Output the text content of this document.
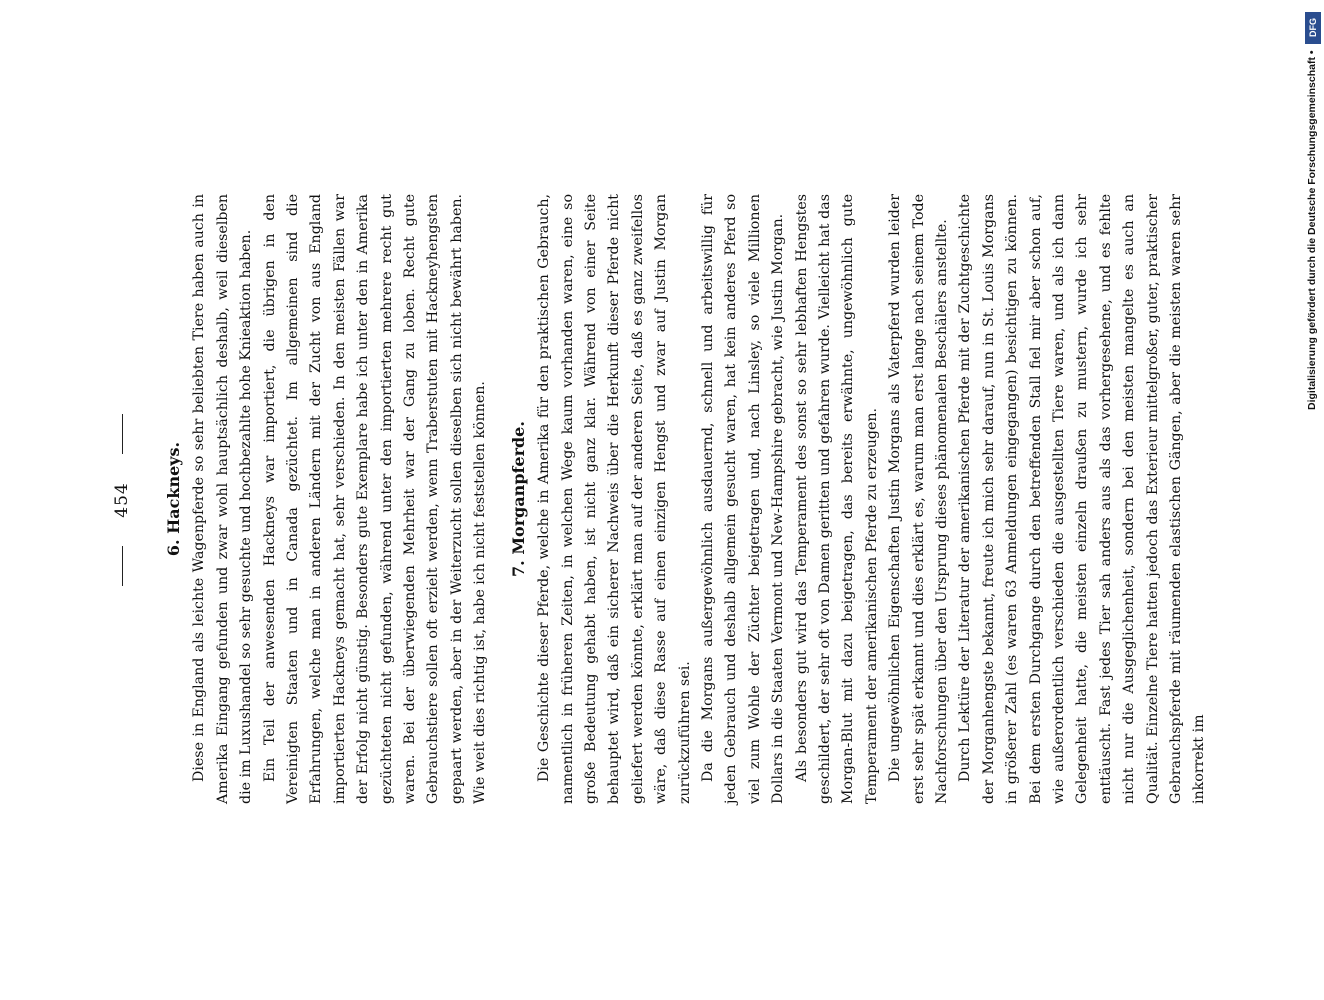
454 6. Hackneys. Diese in England als leichte Wagenpferde so sehr beliebten Tiere haben auch in Amerika Eingang gefunden und zwar wohl hauptsächlich deshalb, weil dieselben die im Luxushandel so sehr gesuchte und hochbezahlte hohe Knieaktion haben. Ein Teil der anwesenden Hackneys war importiert, die übrigen in den Vereinigten Staaten und in Canada gezüchtet. Im allgemeinen sind die Erfahrungen, welche man in anderen Ländern mit der Zucht von aus England importierten Hackneys gemacht hat, sehr verschieden. In den meisten Fällen war der Erfolg nicht günstig. Besonders gute Exemplare habe ich unter den in Amerika gezüchteten nicht gefunden, während unter den importierten mehrere recht gut waren. Bei der überwiegenden Mehrheit war der Gang zu loben. Recht gute Gebrauchstiere sollen oft erzielt werden, wenn Traberstuten mit Hackneyhengsten gepaart werden, aber in der Weiterzucht sollen dieselben sich nicht bewährt haben. Wie weit dies richtig ist, habe ich nicht feststellen können. 7. Morganpferde. Die Geschichte dieser Pferde, welche in Amerika für den praktischen Gebrauch, namentlich in früheren Zeiten, in welchen Wege kaum vorhanden waren, eine so große Bedeutung gehabt haben, ist nicht ganz klar. Während von einer Seite behauptet wird, daß ein sicherer Nachweis über die Herkunft dieser Pferde nicht geliefert werden könnte, erklärt man auf der anderen Seite, daß es ganz zweifellos wäre, daß diese Rasse auf einen einzigen Hengst und zwar auf Justin Morgan zurückzuführen sei. Da die Morgans außergewöhnlich ausdauernd, schnell und arbeitswillig für jeden Gebrauch und deshalb allgemein gesucht waren, hat kein anderes Pferd so viel zum Wohle der Züchter beigetragen und, nach Linsley, so viele Millionen Dollars in die Staaten Vermont und New-Hampshire gebracht, wie Justin Morgan. Als besonders gut wird das Temperament des sonst so sehr lebhaften Hengstes geschildert, der sehr oft von Damen geritten und gefahren wurde. Vielleicht hat das Morgan-Blut mit dazu beigetragen, das bereits erwähnte, ungewöhnlich gute Temperament der amerikanischen Pferde zu erzeugen. Die ungewöhnlichen Eigenschaften Justin Morgans als Vaterpferd wurden leider erst sehr spät erkannt und dies erklärt es, warum man erst lange nach seinem Tode Nachforschungen über den Ursprung dieses phänomenalen Beschälers anstellte. Durch Lektüre der Literatur der amerikanischen Pferde mit der Zuchtgeschichte der Morganhengste bekannt, freute ich mich sehr darauf, nun in St. Louis Morgans in größerer Zahl (es waren 63 Anmeldungen eingegangen) besichtigen zu können. Bei dem ersten Durchgange durch den betreffenden Stall fiel mir aber schon auf, wie außerordentlich verschieden die ausgestellten Tiere waren, und als ich dann Gelegenheit hatte, die meisten einzeln draußen zu mustern, wurde ich sehr enttäuscht. Fast jedes Tier sah anders aus als das vorhergesehene, und es fehlte nicht nur die Ausgeglichenheit, sondern bei den meisten mangelte es auch an Qualität. Einzelne Tiere hatten jedoch das Exterieur mittelgroßer, guter, praktischer Gebrauchspferde mit räumenden elastischen Gängen, aber die meisten waren sehr inkorrekt im

DFG
Digitalisierung gefördert durch die Deutsche Forschungsgemeinschaft •
